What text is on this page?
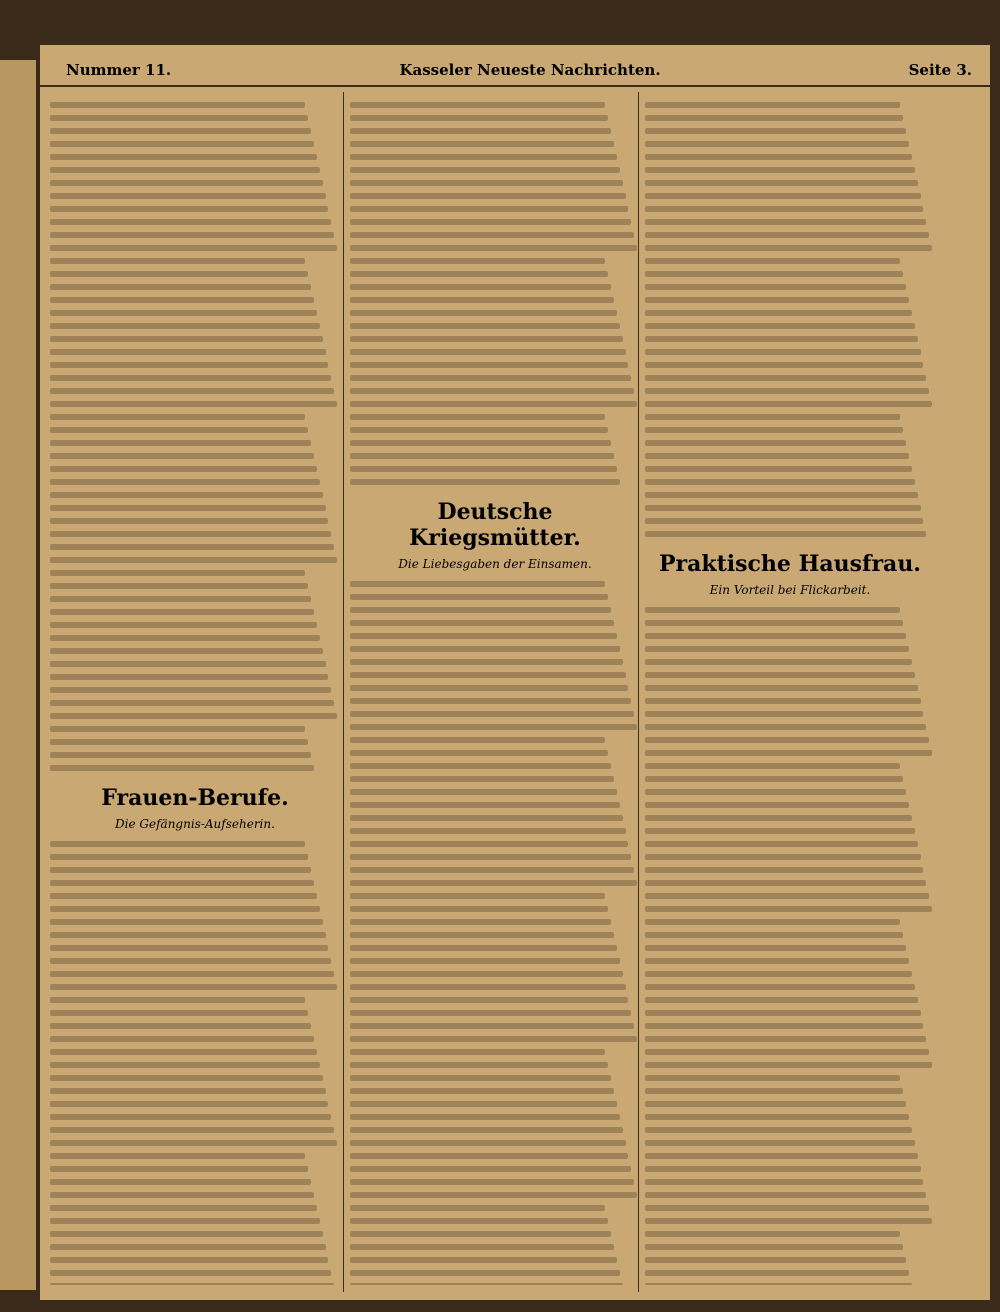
Nummer 11.	Kasseler Neueste Nachrichten.	Seite 3.
Frauen-Berufe.
Die Gefängnis-Aufseherin.
Deutsche Kriegsmütter.
Die Liebesgaben der Einsamen.	Praktische Hausfrau.
Ein Vorteil bei Flickarbeit.
